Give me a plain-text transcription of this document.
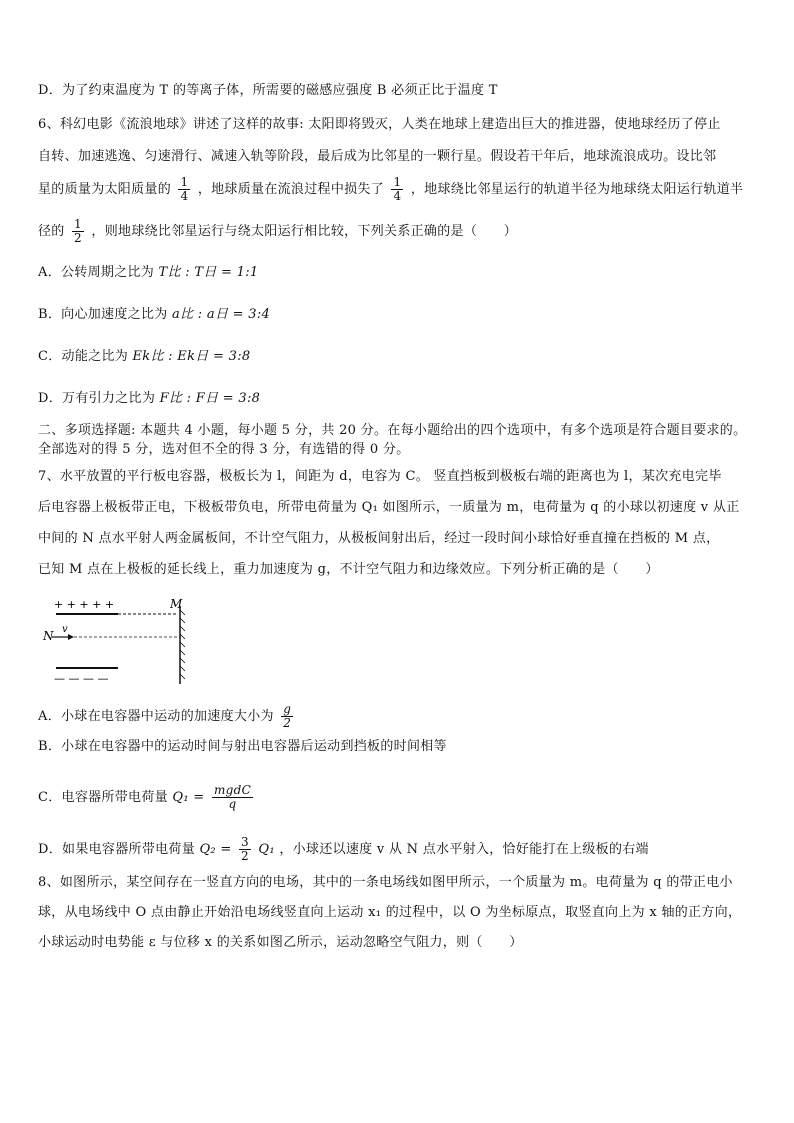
D．为了约束温度为 T 的等离子体，所需要的磁感应强度 B 必须正比于温度 T
6、科幻电影《流浪地球》讲述了这样的故事: 太阳即将毁灭，人类在地球上建造出巨大的推进器，使地球经历了停止
自转、加速逃逸、匀速滑行、减速入轨等阶段，最后成为比邻星的一颗行星。假设若干年后，地球流浪成功。设比邻
星的质量为太阳质量的 $\frac{1}{4}$ ，地球质量在流浪过程中损失了 $\frac{1}{4}$ ，地球绕比邻星运行的轨道半径为地球绕太阳运行轨道半
径的 $\frac{1}{2}$ ，则地球绕比邻星运行与绕太阳运行相比较，下列关系正确的是（　　）
A．公转周期之比为 T比 : T日 = 1:1
B．向心加速度之比为 a比 : a日 = 3:4
C．动能之比为 Ek比 : Ek日 = 3:8
D．万有引力之比为 F比 : F日 = 3:8
二、多项选择题: 本题共 4 小题，每小题 5 分，共 20 分。在每小题给出的四个选项中，有多个选项是符合题目要求的。
全部选对的得 5 分，选对但不全的得 3 分，有选错的得 0 分。
7、水平放置的平行板电容器，极板长为 l，间距为 d，电容为 C。 竖直挡板到极板右端的距离也为 l，某次充电完毕
后电容器上极板带正电，下极板带负电，所带电荷量为 Q₁ 如图所示，一质量为 m，电荷量为 q 的小球以初速度 v 从正
中间的 N 点水平射人两金属板间，不计空气阻力，从极板间射出后，经过一段时间小球恰好垂直撞在挡板的 M 点，
已知 M 点在上极板的延长线上，重力加速度为 g，不计空气阻力和边缘效应。下列分析正确的是（　　）
+ + + + +	M
N v
— — — —
A．小球在电容器中运动的加速度大小为 $\frac{g}{2}$
B．小球在电容器中的运动时间与射出电容器后运动到挡板的时间相等
C．电容器所带电荷量 $Q_1 = \frac{\text{mgdC}}{q}$
D．如果电容器所带电荷量 $Q_2 = \frac{3}{2} Q_1$ ，小球还以速度 v 从 N 点水平射入，恰好能打在上级板的右端
8、如图所示，某空间存在一竖直方向的电场，其中的一条电场线如图甲所示，一个质量为 m。电荷量为 q 的带正电小
球，从电场线中 O 点由静止开始沿电场线竖直向上运动 x₁ 的过程中，以 O 为坐标原点，取竖直向上为 x 轴的正方向，
小球运动时电势能 ε 与位移 x 的关系如图乙所示，运动忽略空气阻力，则（　　）
